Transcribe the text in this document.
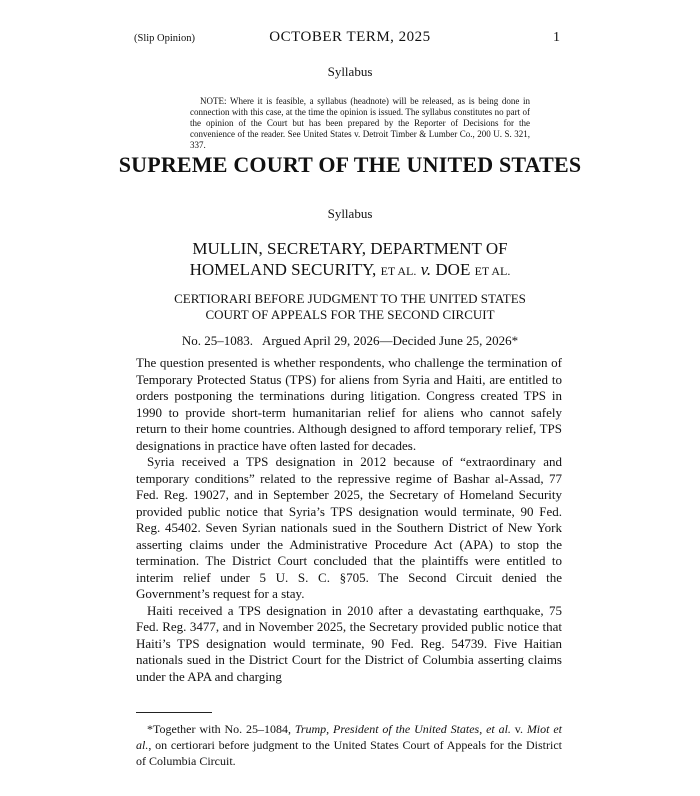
(Slip Opinion)	OCTOBER TERM, 2025	1
Syllabus
NOTE: Where it is feasible, a syllabus (headnote) will be released, as is being done in connection with this case, at the time the opinion is issued. The syllabus constitutes no part of the opinion of the Court but has been prepared by the Reporter of Decisions for the convenience of the reader. See United States v. Detroit Timber & Lumber Co., 200 U. S. 321, 337.
SUPREME COURT OF THE UNITED STATES
Syllabus
MULLIN, SECRETARY, DEPARTMENT OF
HOMELAND SECURITY, ET AL. v. DOE ET AL.
CERTIORARI BEFORE JUDGMENT TO THE UNITED STATES
COURT OF APPEALS FOR THE SECOND CIRCUIT
No. 25–1083.   Argued April 29, 2026—Decided June 25, 2026*

The question presented is whether respondents, who challenge the termination of Temporary Protected Status (TPS) for aliens from Syria and Haiti, are entitled to orders postponing the terminations during litigation. Congress created TPS in 1990 to provide short-term humanitarian relief for aliens who cannot safely return to their home countries. Although designed to afford temporary relief, TPS designations in practice have often lasted for decades.

Syria received a TPS designation in 2012 because of “extraordinary and temporary conditions” related to the repressive regime of Bashar al-Assad, 77 Fed. Reg. 19027, and in September 2025, the Secretary of Homeland Security provided public notice that Syria’s TPS designation would terminate, 90 Fed. Reg. 45402. Seven Syrian nationals sued in the Southern District of New York asserting claims under the Administrative Procedure Act (APA) to stop the termination. The District Court concluded that the plaintiffs were entitled to interim relief under 5 U. S. C. §705. The Second Circuit denied the Government’s request for a stay.

Haiti received a TPS designation in 2010 after a devastating earthquake, 75 Fed. Reg. 3477, and in November 2025, the Secretary provided public notice that Haiti’s TPS designation would terminate, 90 Fed. Reg. 54739. Five Haitian nationals sued in the District Court for the District of Columbia asserting claims under the APA and charging

*Together with No. 25–1084, Trump, President of the United States, et al. v. Miot et al., on certiorari before judgment to the United States Court of Appeals for the District of Columbia Circuit.
